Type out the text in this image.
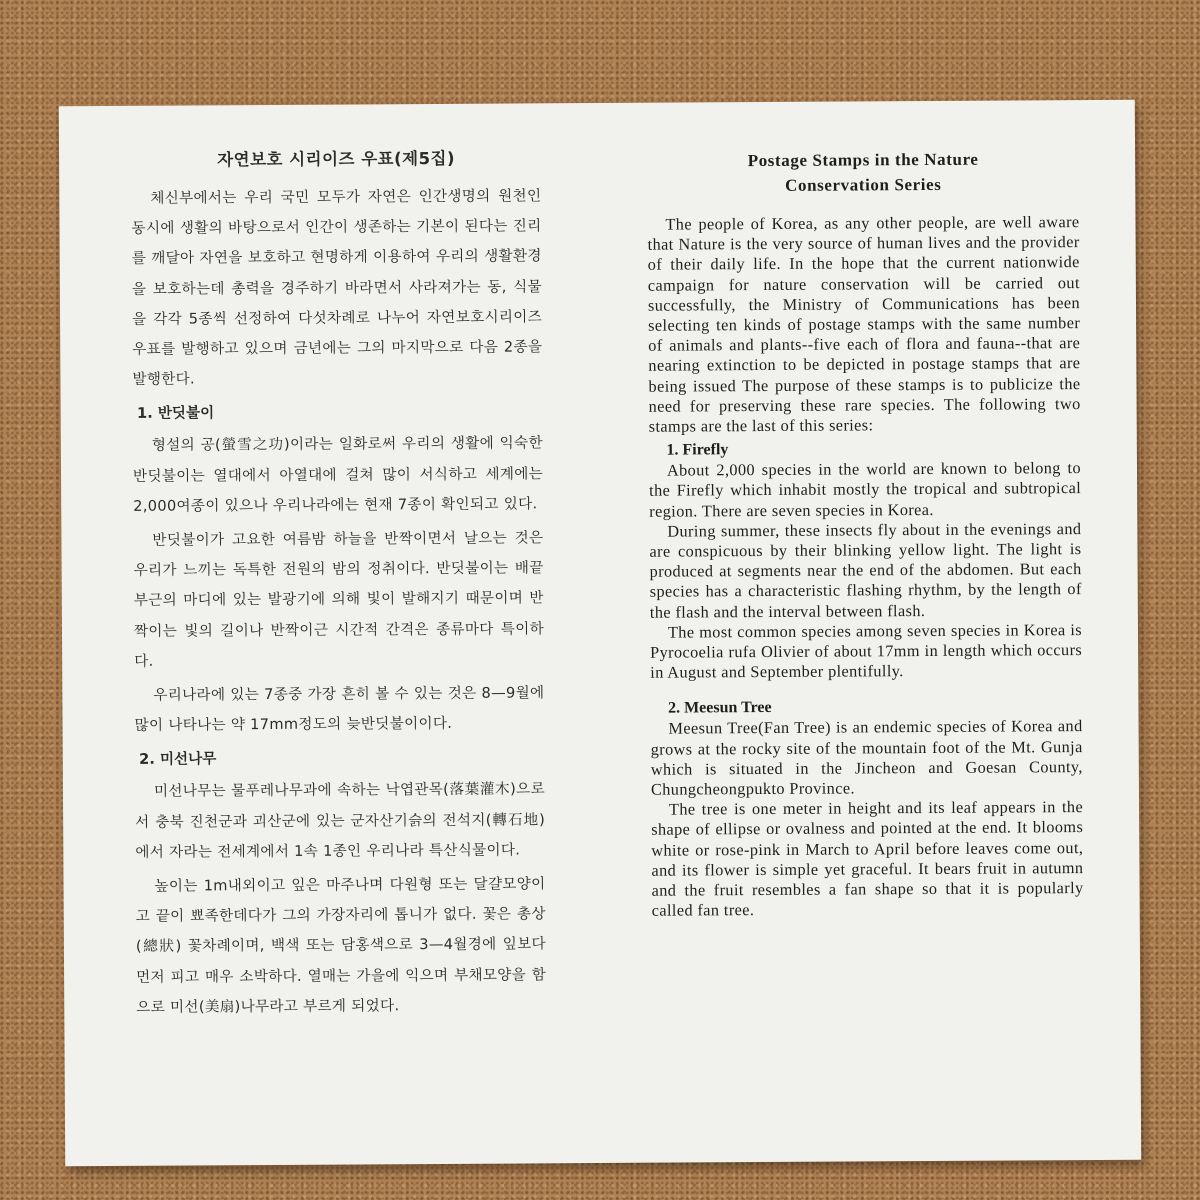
자연보호 시리이즈 우표(제5집)

체신부에서는 우리 국민 모두가 자연은 인간생명의 원천인 동시에 생활의 바탕으로서 인간이 생존하는 기본이 된다는 진리를 깨달아 자연을 보호하고 현명하게 이용하여 우리의 생활환경을 보호하는데 총력을 경주하기 바라면서 사라져가는 동, 식물을 각각 5종씩 선정하여 다섯차례로 나누어 자연보호시리이즈 우표를 발행하고 있으며 금년에는 그의 마지막으로 다음 2종을 발행한다.

1. 반딧불이

형설의 공(螢雪之功)이라는 일화로써 우리의 생활에 익숙한 반딧불이는 열대에서 아열대에 걸쳐 많이 서식하고 세계에는 2,000여종이 있으나 우리나라에는 현재 7종이 확인되고 있다.

반딧불이가 고요한 여름밤 하늘을 반짝이면서 날으는 것은 우리가 느끼는 독특한 전원의 밤의 정취이다. 반딧불이는 배끝부근의 마디에 있는 발광기에 의해 빛이 발해지기 때문이며 반짝이는 빛의 길이나 반짝이근 시간적 간격은 종류마다 특이하다.

우리나라에 있는 7종중 가장 흔히 볼 수 있는 것은 8—9월에 많이 나타나는 약 17mm정도의 늦반딧불이이다.

2. 미선나무

미선나무는 물푸레나무과에 속하는 낙엽관목(落葉灌木)으로서 충북 진천군과 괴산군에 있는 군자산기슭의 전석지(轉石地)에서 자라는 전세계에서 1속 1종인 우리나라 특산식물이다.

높이는 1m내외이고 잎은 마주나며 다원형 또는 달걀모양이고 끝이 뾰족한데다가 그의 가장자리에 톱니가 없다. 꽃은 총상(總狀) 꽃차례이며, 백색 또는 담홍색으로 3—4월경에 잎보다 먼저 피고 매우 소박하다. 열매는 가을에 익으며 부채모양을 함으로 미선(美扇)나무라고 부르게 되었다.

Postage Stamps in the Nature
Conservation Series

The people of Korea, as any other people, are well aware that Nature is the very source of human lives and the provider of their daily life. In the hope that the current nationwide campaign for nature conservation will be carried out successfully, the Ministry of Communications has been selecting ten kinds of postage stamps with the same number of animals and plants--five each of flora and fauna--that are nearing extinction to be depicted in postage stamps that are being issued The purpose of these stamps is to publicize the need for preserving these rare species. The following two stamps are the last of this series:

1. Firefly

About 2,000 species in the world are known to belong to the Firefly which inhabit mostly the tropical and subtropical region. There are seven species in Korea.

During summer, these insects fly about in the evenings and are conspicuous by their blinking yellow light. The light is produced at segments near the end of the abdomen. But each species has a characteristic flashing rhythm, by the length of the flash and the interval between flash.

The most common species among seven species in Korea is Pyrocoelia rufa Olivier of about 17mm in length which occurs in August and September plentifully.

2. Meesun Tree

Meesun Tree(Fan Tree) is an endemic species of Korea and grows at the rocky site of the mountain foot of the Mt. Gunja which is situated in the Jincheon and Goesan County, Chungcheongpukto Province.

The tree is one meter in height and its leaf appears in the shape of ellipse or ovalness and pointed at the end. It blooms white or rose-pink in March to April before leaves come out, and its flower is simple yet graceful. It bears fruit in autumn and the fruit resembles a fan shape so that it is popularly called fan tree.
